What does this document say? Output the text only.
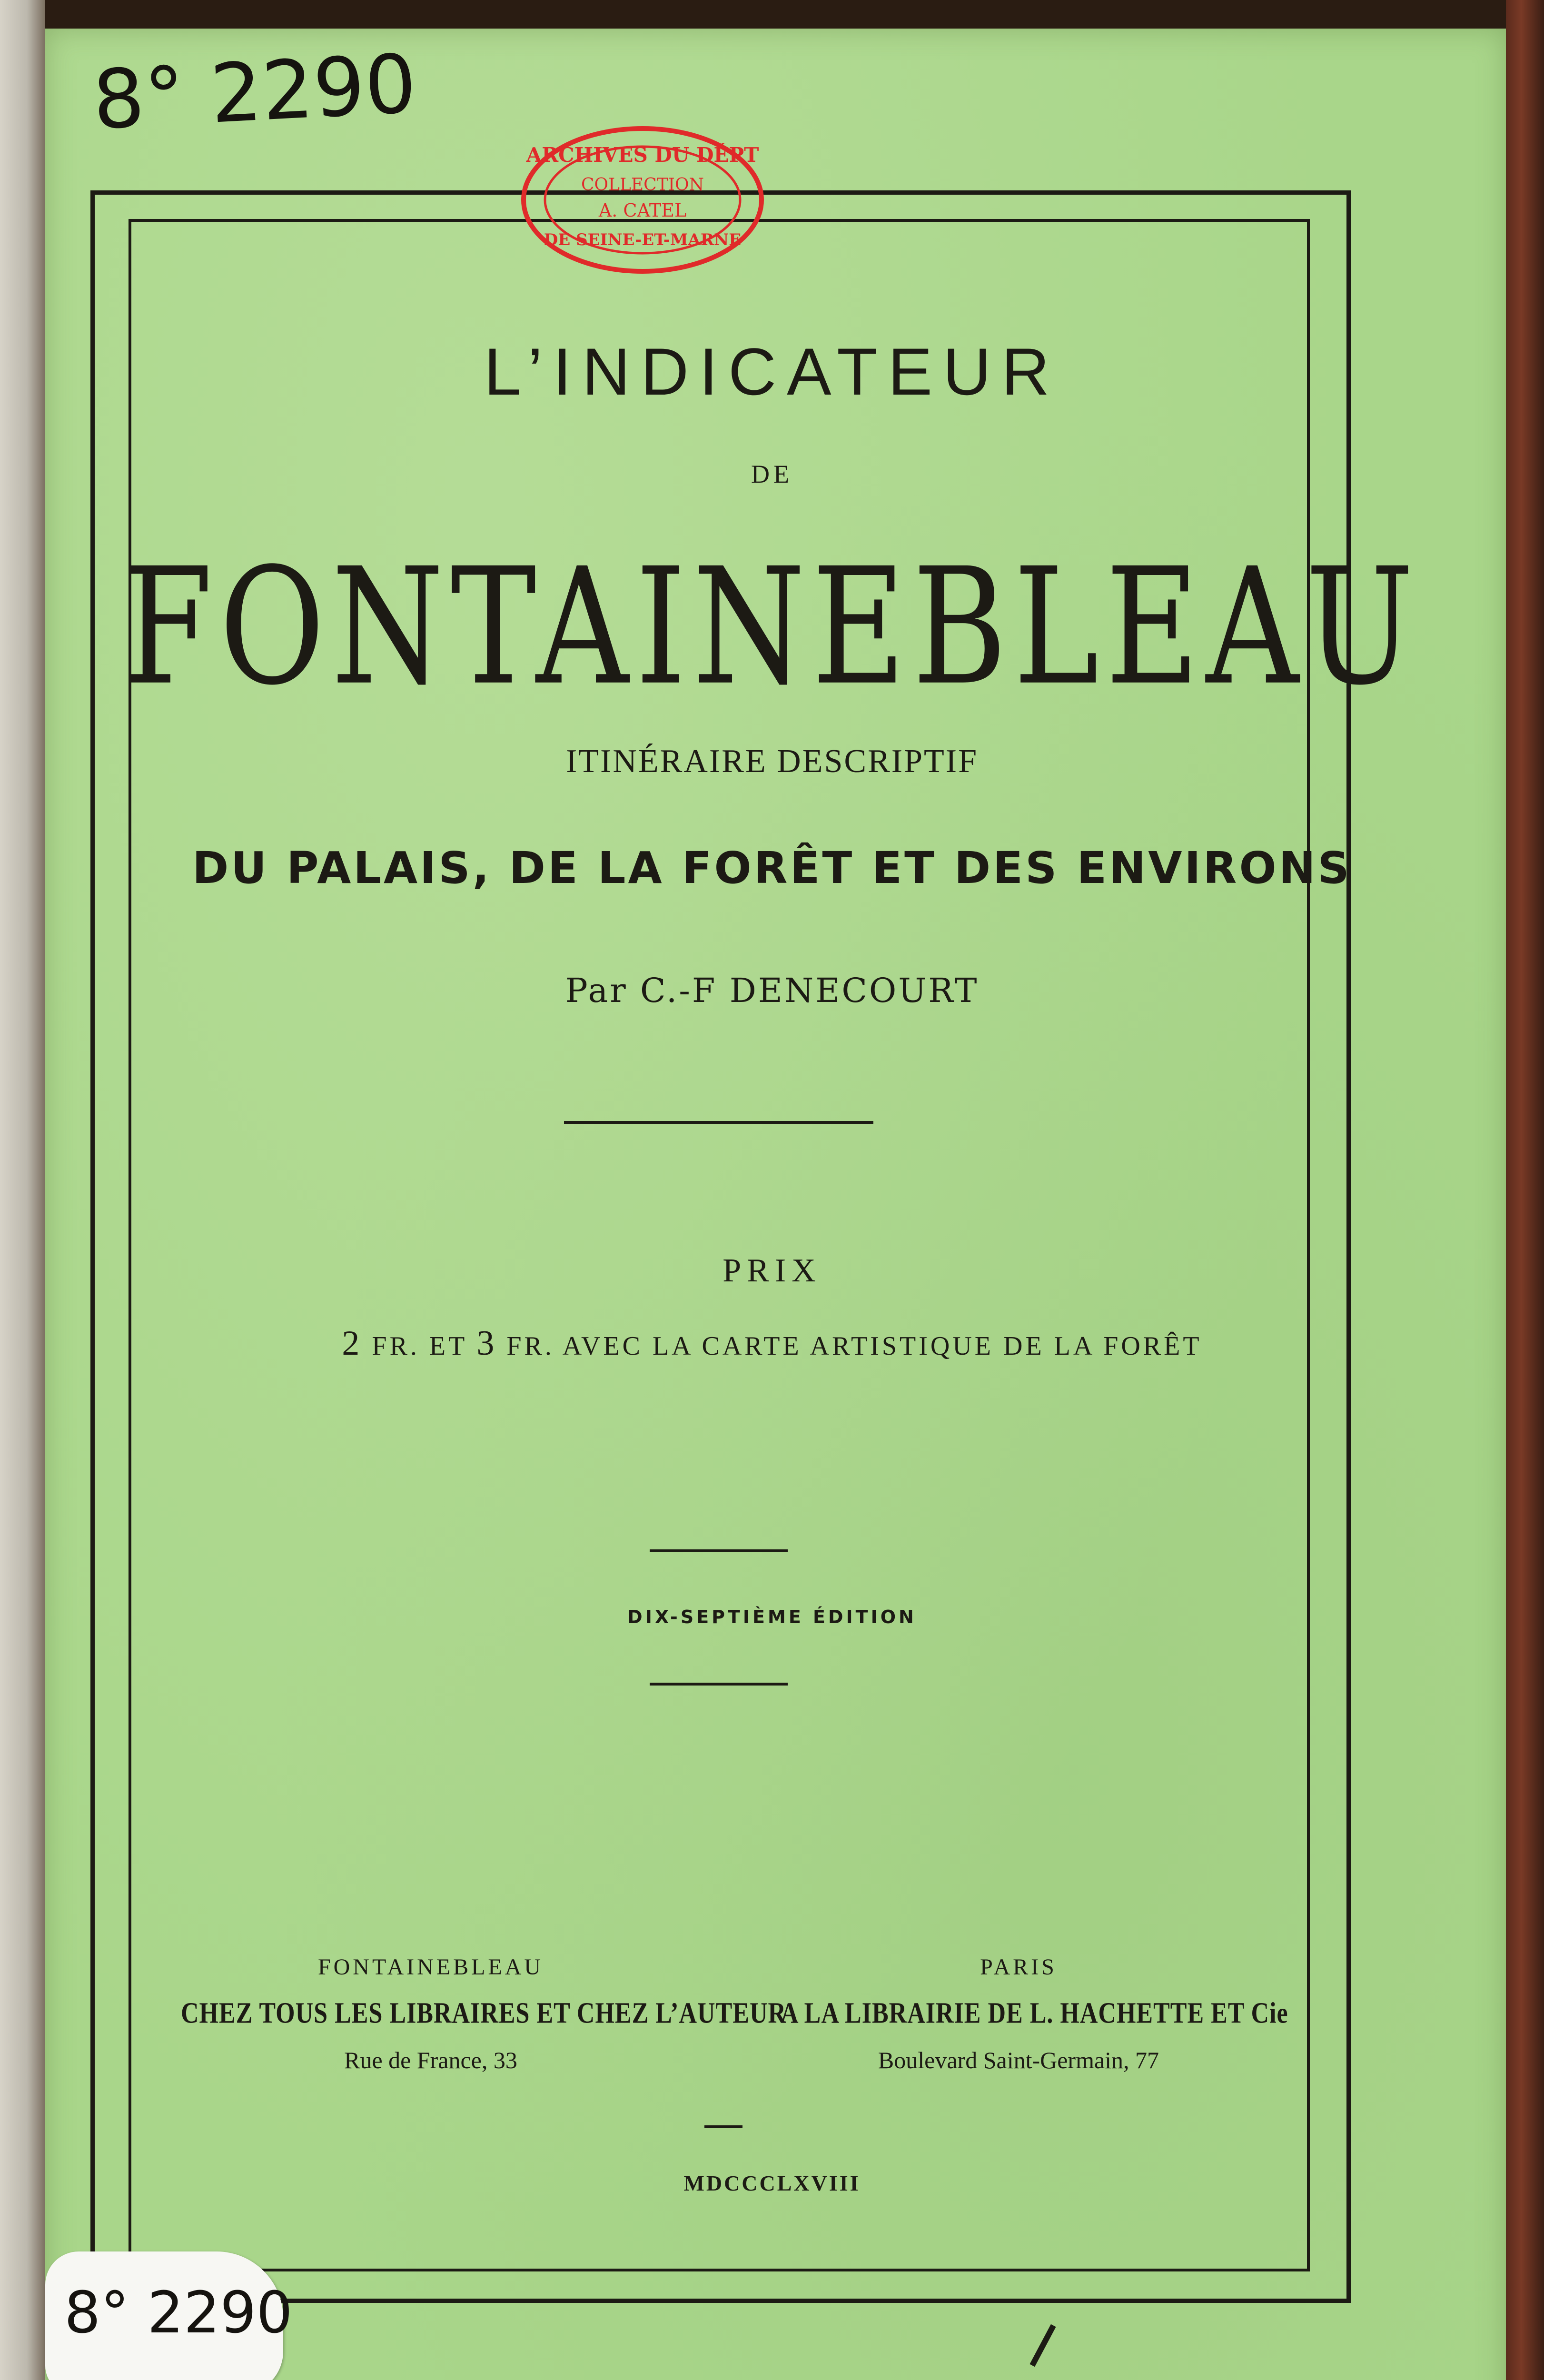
8° 2290
ARCHIVES DU DÉPT
COLLECTION
A. CATEL
DE SEINE-ET-MARNE
L’INDICATEUR
DE
FONTAINEBLEAU
ITINÉRAIRE DESCRIPTIF
DU PALAIS, DE LA FORÊT ET DES ENVIRONS
Par C.-F DENECOURT
PRIX
2 FR. ET 3 FR. AVEC LA CARTE ARTISTIQUE DE LA FORÊT
DIX-SEPTIÈME ÉDITION
FONTAINEBLEAU
CHEZ TOUS LES LIBRAIRES ET CHEZ L’AUTEUR
Rue de France, 33
PARIS
A LA LIBRAIRIE DE L. HACHETTE ET Cie
Boulevard Saint-Germain, 77
MDCCCLXVIII
8° 2290
